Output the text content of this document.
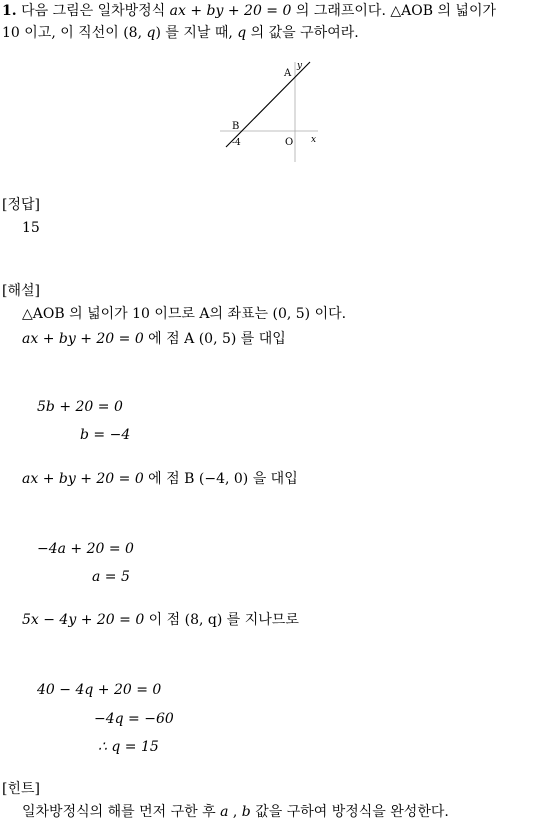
1. 다음 그림은 일차방정식 ax + by + 20 = 0 의 그래프이다. △AOB 의 넓이가
10 이고, 이 직선이 (8, q) 를 지날 때, q 의 값을 구하여라.
A
y
B
-4	O x
[정답]
15
[해설]
△AOB 의 넓이가 10 이므로 A의 좌표는 (0, 5) 이다.
ax + by + 20 = 0 에 점 A (0, 5) 를 대입
5b + 20 = 0
b = −4
ax + by + 20 = 0 에 점 B (−4, 0) 을 대입
−4a + 20 = 0
a = 5
5x − 4y + 20 = 0 이 점 (8, q) 를 지나므로
40 − 4q + 20 = 0
−4q = −60
∴ q = 15
[힌트]
일차방정식의 해를 먼저 구한 후 a , b 값을 구하여 방정식을 완성한다.
